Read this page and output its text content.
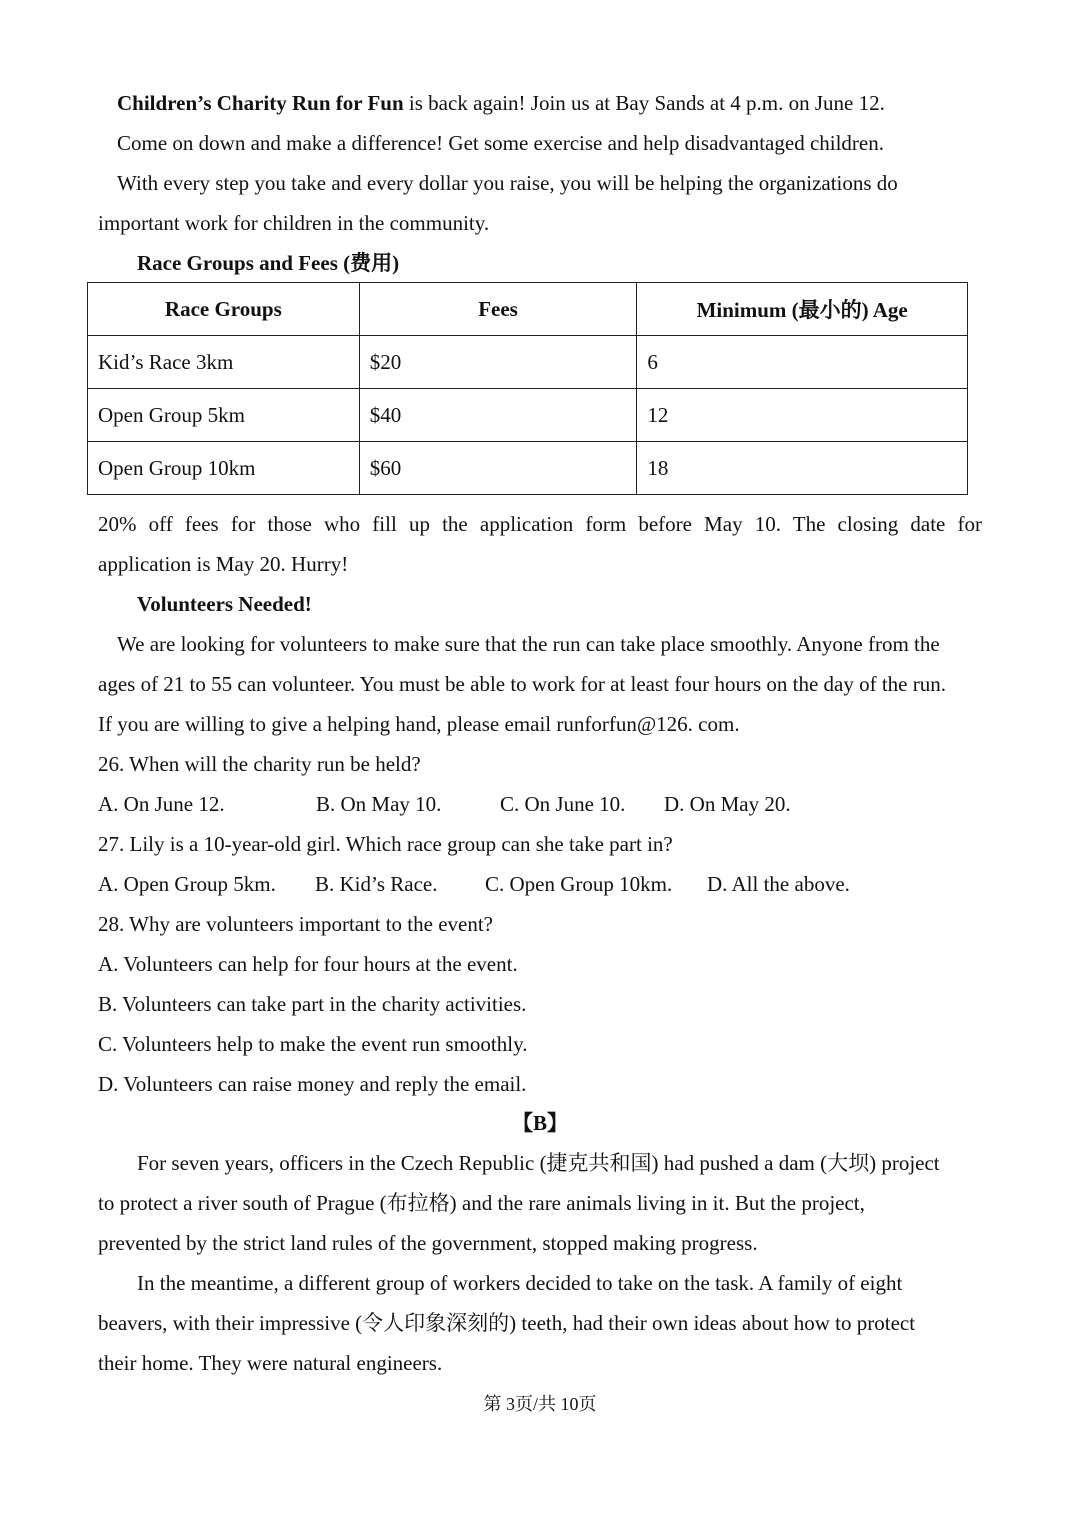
Children’s Charity Run for Fun is back again! Join us at Bay Sands at 4 p.m. on June 12.
Come on down and make a difference! Get some exercise and help disadvantaged children.
With every step you take and every dollar you raise, you will be helping the organizations do
important work for children in the community.
Race Groups and Fees (费用)
Race Groups	Fees	Minimum (最小的) Age
Kid’s Race 3km	$20	6
Open Group 5km	$40	12
Open Group 10km	$60	18
20% off fees for those who fill up the application form before May 10. The closing date for
application is May 20. Hurry!
Volunteers Needed!
We are looking for volunteers to make sure that the run can take place smoothly. Anyone from the
ages of 21 to 55 can volunteer. You must be able to work for at least four hours on the day of the run.
If you are willing to give a helping hand, please email runforfun@126. com.
26. When will the charity run be held?
A. On June 12.	B. On May 10.	C. On June 10. D. On May 20.
27. Lily is a 10-year-old girl. Which race group can she take part in?
A. Open Group 5km. B. Kid’s Race. C. Open Group 10km. D. All the above.
28. Why are volunteers important to the event?
A. Volunteers can help for four hours at the event.
B. Volunteers can take part in the charity activities.
C. Volunteers help to make the event run smoothly.
D. Volunteers can raise money and reply the email.
【B】
For seven years, officers in the Czech Republic (捷克共和国) had pushed a dam (大坝) project
to protect a river south of Prague (布拉格) and the rare animals living in it. But the project,
prevented by the strict land rules of the government, stopped making progress.
In the meantime, a different group of workers decided to take on the task. A family of eight
beavers, with their impressive (令人印象深刻的) teeth, had their own ideas about how to protect
their home. They were natural engineers.
第 3页/共 10页
